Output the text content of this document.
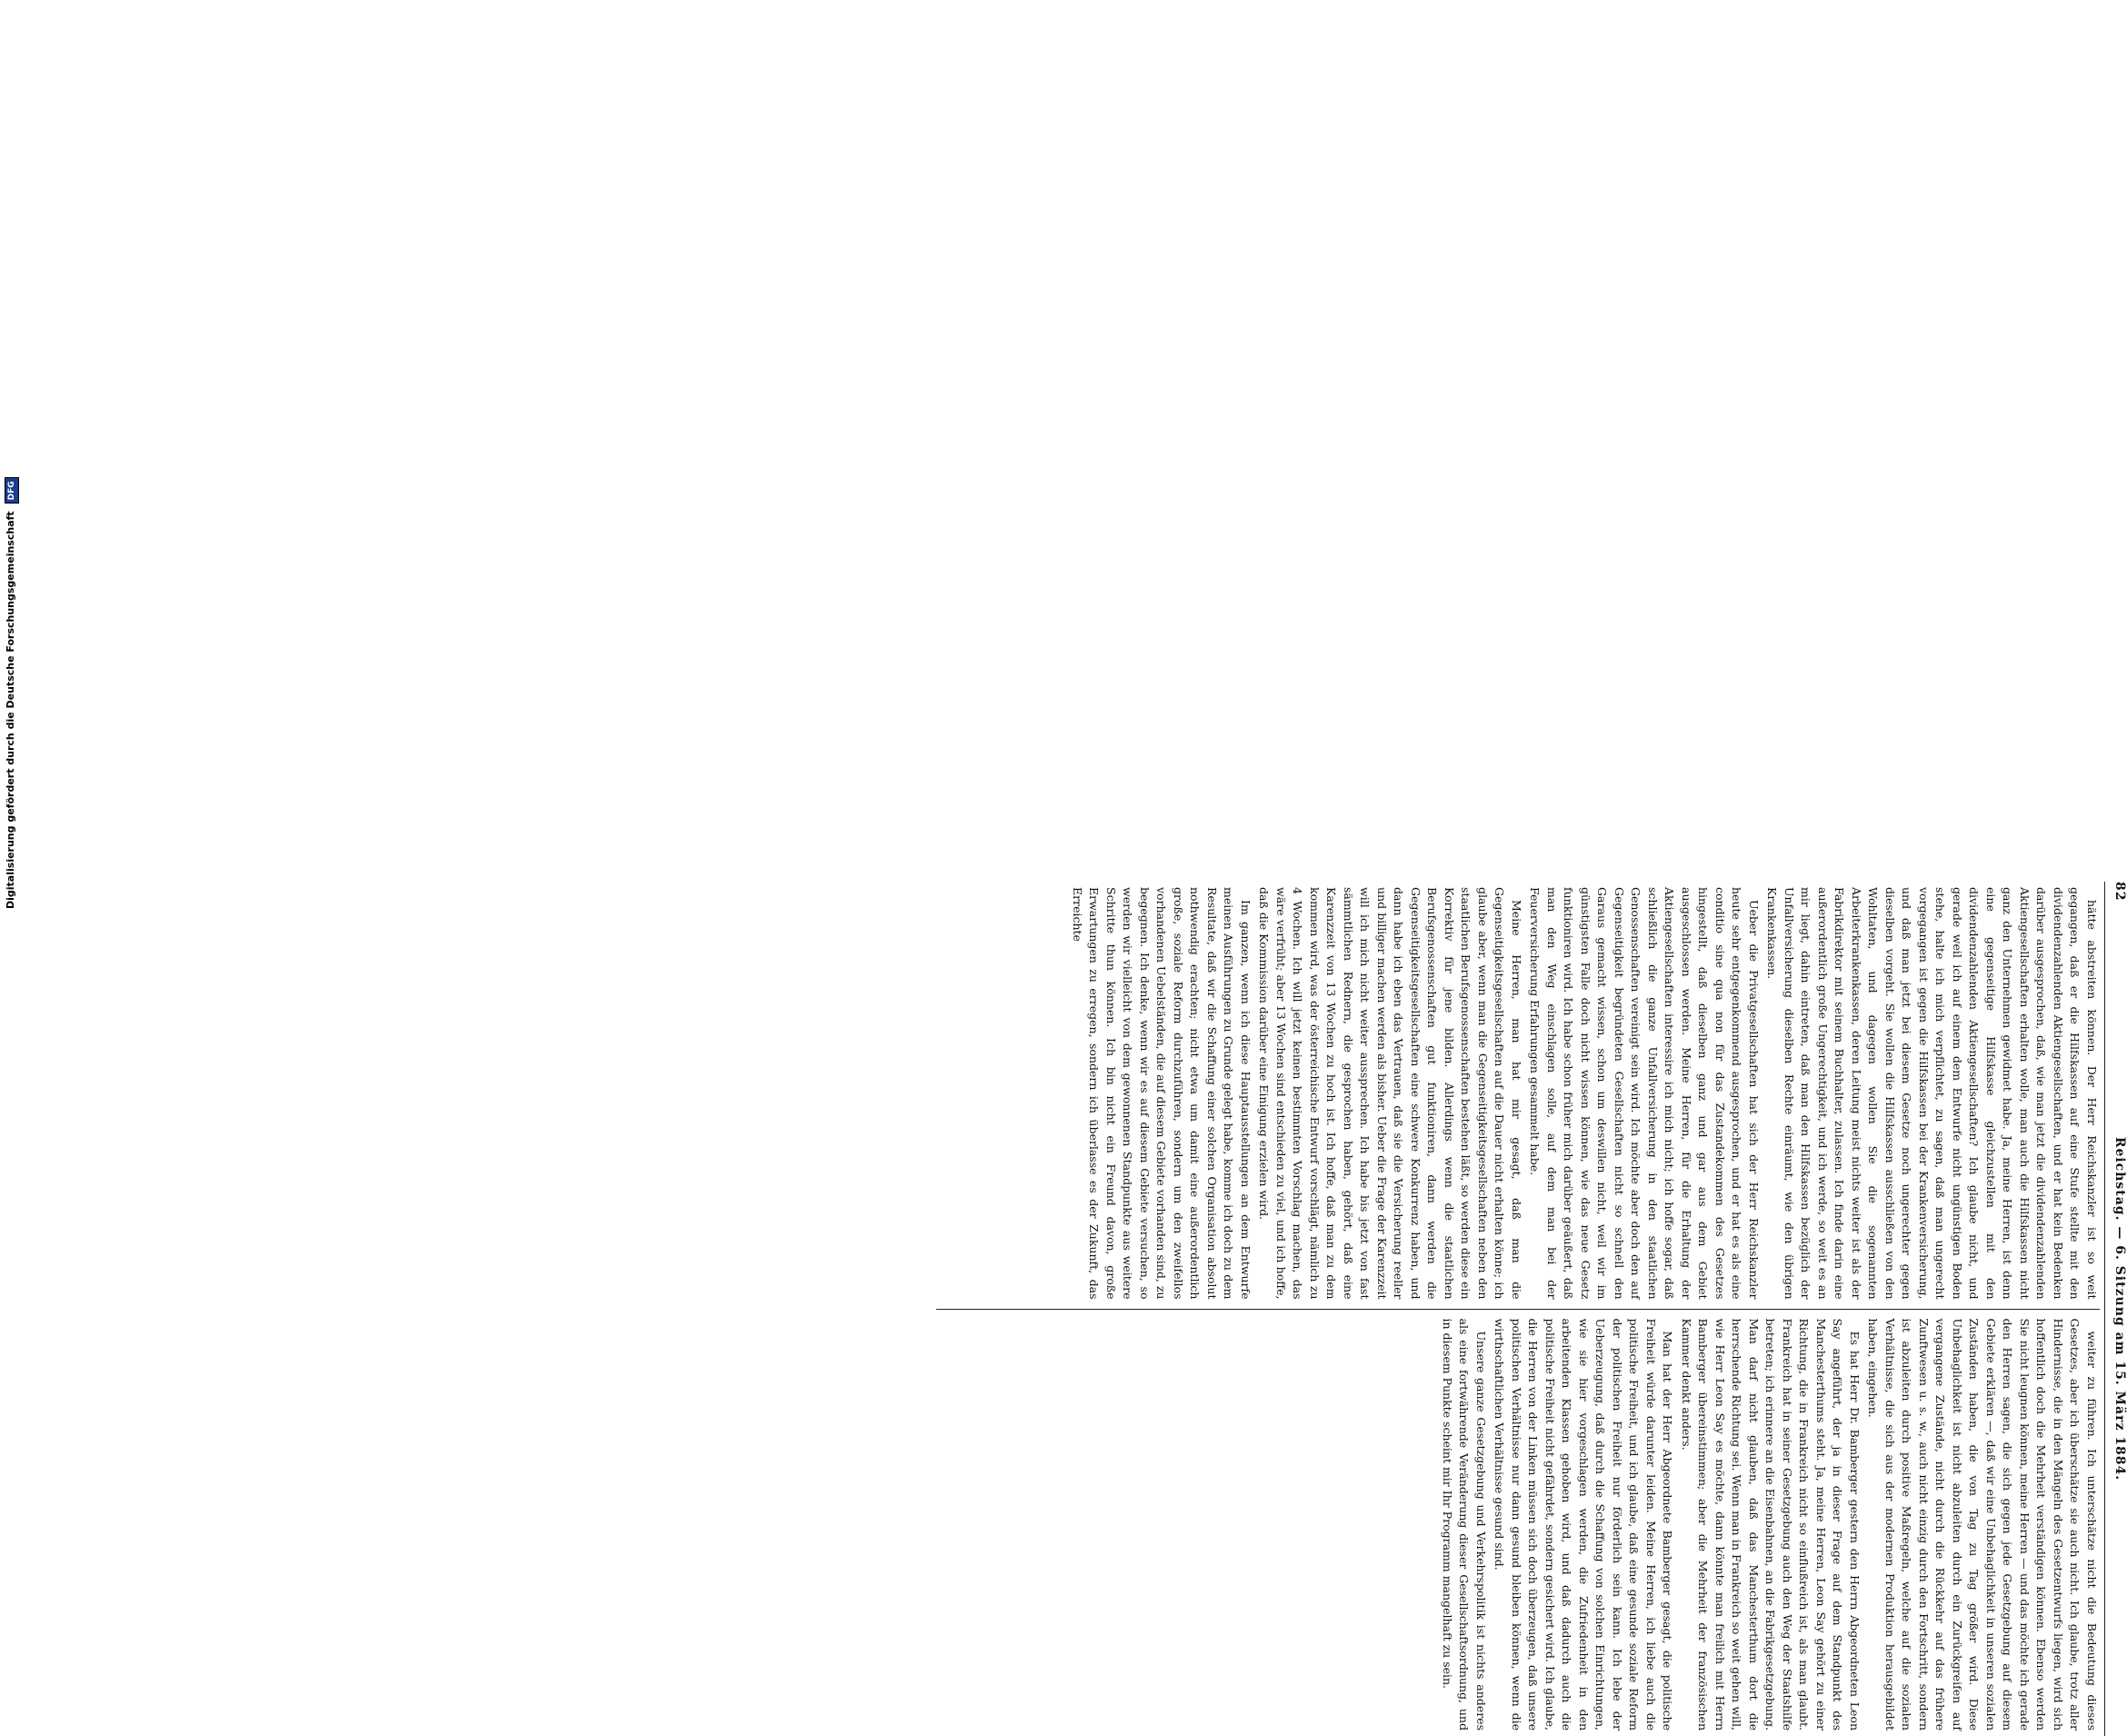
82
Reichstag. — 6. Sitzung am 15. März 1884.

hätte abstreiten können. Der Herr Reichskanzler ist so weit gegangen, daß er die Hilfskassen auf eine Stufe stellte mit den dividendenzahlenden Aktiengesellschaften, und er hat kein Bedenken darüber ausgesprochen, daß, wie man jetzt die dividendenzahlenden Aktiengesellschaften erhalten wolle, man auch die Hilfskassen nicht ganz den Unternehmen gewidmet habe. Ja, meine Herren, ist denn eine gegenseitige Hilfskasse gleichzustellen mit den dividendenzahlenden Aktiengesellschaften? Ich glaube nicht, und gerade weil ich auf einem dem Entwurfe nicht ungünstigen Boden stehe, halte ich mich verpflichtet, zu sagen, daß man ungerecht vorgegangen ist gegen die Hilfskassen bei der Krankenversicherung, und daß man jetzt bei diesem Gesetze noch ungerechter gegen dieselben vorgeht. Sie wollen die Hilfskassen ausschließen von den Wohltaten, und dagegen wollen Sie die sogenannten Arbeiterkrankenkassen, deren Leitung meist nichts weiter ist als der Fabrikdirektor mit seinem Buchhalter, zulassen. Ich finde darin eine außerordentlich große Ungerechtigkeit, und ich werde, so weit es an mir liegt, dahin eintreten, daß man den Hilfskassen bezüglich der Unfallversicherung dieselben Rechte einräumt, wie den übrigen Krankenkassen.

Ueber die Privatgesellschaften hat sich der Herr Reichskanzler heute sehr entgegenkommend ausgesprochen, und er hat es als eine conditio sine qua non für das Zustandekommen des Gesetzes hingestellt, daß dieselben ganz und gar aus dem Gebiet ausgeschlossen werden. Meine Herren, für die Erhaltung der Aktiengesellschaften interessire ich mich nicht; ich hoffe sogar, daß schließlich die ganze Unfallversicherung in den staatlichen Genossenschaften vereinigt sein wird. Ich möchte aber doch den auf Gegenseitigkeit begründeten Gesellschaften nicht so schnell den Garaus gemacht wissen, schon um deswillen nicht, weil wir im günstigsten Falle doch nicht wissen können, wie das neue Gesetz funktioniren wird. Ich habe schon früher mich darüber geäußert, daß man den Weg einschlagen solle, auf dem man bei der Feuerversicherung Erfahrungen gesammelt habe.

Meine Herren, man hat mir gesagt, daß man die Gegenseitigkeitsgesellschaften auf die Dauer nicht erhalten könne; ich glaube aber, wenn man die Gegenseitigkeitsgesellschaften neben den staatlichen Berufsgenossenschaften bestehen läßt, so werden diese ein Korrektiv für jene bilden. Allerdings wenn die staatlichen Berufsgenossenschaften gut funktioniren, dann werden die Gegenseitigkeitsgesellschaften eine schwere Konkurrenz haben, und dann habe ich eben das Vertrauen, daß sie die Versicherung reeller und billiger machen werden als bisher. Ueber die Frage der Karenzzeit will ich mich nicht weiter aussprechen. Ich habe bis jetzt von fast sämmtlichen Rednern, die gesprochen haben, gehört, daß eine Karenzzeit von 13 Wochen zu hoch ist. Ich hoffe, daß man zu dem kommen wird, was der österreichische Entwurf vorschlägt, nämlich zu 4 Wochen. Ich will jetzt keinen bestimmten Vorschlag machen, das wäre verfrüht; aber 13 Wochen sind entschieden zu viel, und ich hoffe, daß die Kommission darüber eine Einigung erzielen wird.

Im ganzen, wenn ich diese Hauptausstellungen an dem Entwurfe meinen Ausführungen zu Grunde gelegt habe, komme ich doch zu dem Resultate, daß wir die Schaffung einer solchen Organisation absolut nothwendig erachten; nicht etwa um damit eine außerordentlich große, soziale Reform durchzuführen, sondern um den zweifellos vorhandenen Uebelständen, die auf diesem Gebiete vorhanden sind, zu begegnen. Ich denke, wenn wir es auf diesem Gebiete versuchen, so werden wir vielleicht von dem gewonnenen Standpunkte aus weitere Schritte thun können. Ich bin nicht ein Freund davon, große Erwartungen zu erregen, sondern ich überlasse es der Zukunft, das Erreichte

weiter zu führen. Ich unterschätze nicht die Bedeutung dieses Gesetzes, aber ich überschätze sie auch nicht. Ich glaube, trotz aller Hindernisse, die in den Mängeln des Gesetzentwurfs liegen, wird sich hoffentlich doch die Mehrheit verständigen können. Ebenso werden Sie nicht leugnen können, meine Herren — und das möchte ich gerade den Herren sagen, die sich gegen jede Gesetzgebung auf diesem Gebiete erklären —, daß wir eine Unbehaglichkeit in unseren sozialen Zuständen haben, die von Tag zu Tag größer wird. Diese Unbehaglichkeit ist nicht abzuleiten durch ein Zurückgreifen auf vergangene Zustände, nicht durch die Rückkehr auf das frühere Zunftwesen u. s. w., auch nicht einzig durch den Fortschritt, sondern ist abzuleiten durch positive Maßregeln, welche auf die sozialen Verhältnisse, die sich aus der modernen Produktion herausgebildet haben, eingehen.

Es hat Herr Dr. Bamberger gestern den Herrn Abgeordneten Leon Say angeführt, der ja in dieser Frage auf dem Standpunkt des Manchesterthums steht. Ja, meine Herren, Leon Say gehört zu einer Richtung, die in Frankreich nicht so einflußreich ist, als man glaubt. Frankreich hat in seiner Gesetzgebung auch den Weg der Staatshilfe betreten; ich erinnere an die Eisenbahnen, an die Fabrikgesetzgebung. Man darf nicht glauben, daß das Manchesterthum dort die herrschende Richtung sei. Wenn man in Frankreich so weit gehen will, wie Herr Leon Say es möchte, dann könnte man freilich mit Herrn Bamberger übereinstimmen; aber die Mehrheit der französischen Kammer denkt anders.

Man hat der Herr Abgeordnete Bamberger gesagt, die politische Freiheit würde darunter leiden. Meine Herren, ich liebe auch die politische Freiheit, und ich glaube, daß eine gesunde soziale Reform der politischen Freiheit nur förderlich sein kann. Ich lebe der Ueberzeugung, daß durch die Schaffung von solchen Einrichtungen, wie sie hier vorgeschlagen werden, die Zufriedenheit in den arbeitenden Klassen gehoben wird, und daß dadurch auch die politische Freiheit nicht gefährdet, sondern gesichert wird. Ich glaube, die Herren von der Linken müssen sich doch überzeugen, daß unsere politischen Verhältnisse nur dann gesund bleiben können, wenn die wirthschaftlichen Verhältnisse gesund sind.

Unsere ganze Gesetzgebung und Verkehrspolitik ist nichts anderes als eine fortwährende Veränderung dieser Gesellschaftsordnung, und in diesem Punkte scheint mir Ihr Programm mangelhaft zu sein.

Digitalisierung gefördert durch die Deutsche ForschungsgemeinschaftDFG
